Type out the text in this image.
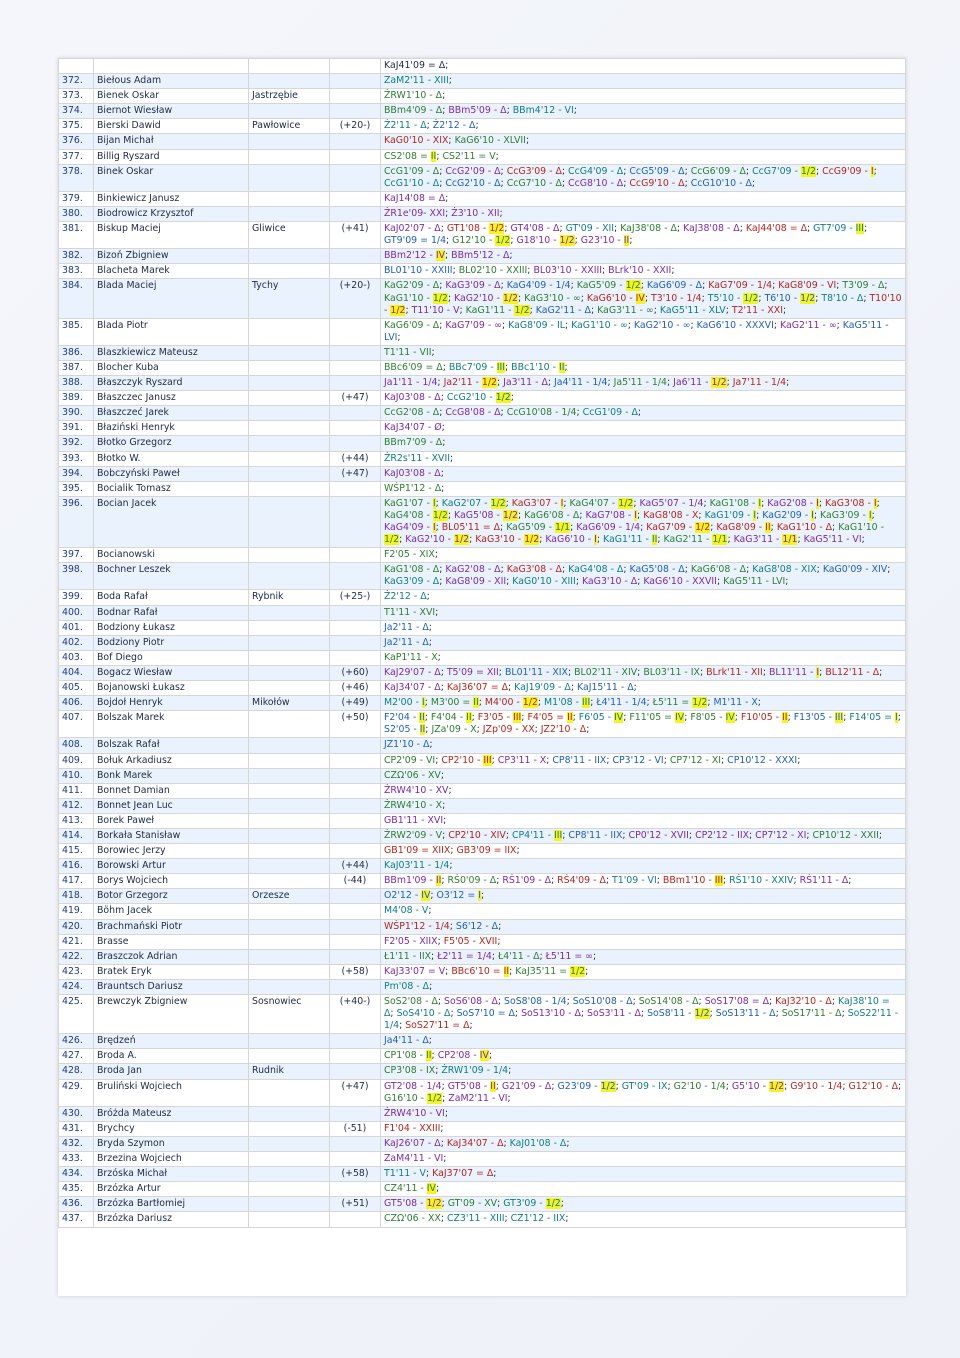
				KaJ41'09 = Δ;
372.	Biełous Adam			ZaM2'11 - XIII;
373.	Bienek Oskar	Jastrzębie		ŻRW1'10 - Δ;
374.	Biernot Wiesław			BBm4'09 - Δ; BBm5'09 - Δ; BBm4'12 - VI;
375.	Bierski Dawid	Pawłowice	(+20-)	Ż2'11 - Δ; Ż2'12 - Δ;
376.	Bijan Michał			KaG0'10 - XIX; KaG6'10 - XLVII;
377.	Billig Ryszard			CS2'08 = II; CS2'11 = V;
378.	Binek Oskar			CcG1'09 - Δ; CcG2'09 - Δ; CcG3'09 - Δ; CcG4'09 - Δ; CcG5'09 - Δ; CcG6'09 - Δ; CcG7'09 - 1/2; CcG9'09 - I; CcG1'10 - Δ; CcG2'10 - Δ; CcG7'10 - Δ; CcG8'10 - Δ; CcG9'10 - Δ; CcG10'10 - Δ;
379.	Binkiewicz Janusz			KaJ14'08 = Δ;
380.	Biodrowicz Krzysztof			ŻR1e'09- XXI; Ż3'10 - XII;
381.	Biskup Maciej	Gliwice	(+41)	KaJ02'07 - Δ; GT1'08 - 1/2; GT4'08 - Δ; GT'09 - XII; KaJ38'08 - Δ; KaJ38'08 - Δ; KaJ44'08 = Δ; GT7'09 - III; GT9'09 = 1/4; G12'10 - 1/2; G18'10 - 1/2; G23'10 - II;
382.	Bizoń Zbigniew			BBm2'12 - IV; BBm5'12 - Δ;
383.	Blacheta Marek			BL01'10 - XXIII; BL02'10 - XXIII; BL03'10 - XXIII; BLrk'10 - XXII;
384.	Blada Maciej	Tychy	(+20-)	KaG2'09 - Δ; KaG3'09 - Δ; KaG4'09 - 1/4; KaG5'09 - 1/2; KaG6'09 - Δ; KaG7'09 - 1/4; KaG8'09 - VI; T3'09 - Δ; KaG1'10 - 1/2; KaG2'10 - 1/2; KaG3'10 - ∞; KaG6'10 - IV; T3'10 - 1/4; T5'10 - 1/2; T6'10 - 1/2; T8'10 - Δ; T10'10 - 1/2; T11'10 - V; KaG1'11 - 1/2; KaG2'11 - Δ; KaG3'11 - ∞; KaG5'11 - XLV; T2'11 - XXI;
385.	Blada Piotr			KaG6'09 - Δ; KaG7'09 - ∞; KaG8'09 - IL; KaG1'10 - ∞; KaG2'10 - ∞; KaG6'10 - XXXVI; KaG2'11 - ∞; KaG5'11 - LVI;
386.	Blaszkiewicz Mateusz			T1'11 - VII;
387.	Blocher Kuba			BBc6'09 = Δ; BBc7'09 - III; BBc1'10 - II;
388.	Błaszczyk Ryszard			Ja1'11 - 1/4; Ja2'11 - 1/2; Ja3'11 - Δ; Ja4'11 - 1/4; Ja5'11 - 1/4; Ja6'11 - 1/2; Ja7'11 - 1/4;
389.	Błaszczec Janusz		(+47)	KaJ03'08 - Δ; CcG2'10 - 1/2;
390.	Błaszczeć Jarek			CcG2'08 - Δ; CcG8'08 - Δ; CcG10'08 - 1/4; CcG1'09 - Δ;
391.	Błaziński Henryk			KaJ34'07 - Ø;
392.	Błotko Grzegorz			BBm7'09 - Δ;
393.	Błotko W.		(+44)	ŻR2s'11 - XVII;
394.	Bobczyński Paweł		(+47)	KaJ03'08 - Δ;
395.	Bocialik Tomasz			WŚP1'12 - Δ;
396.	Bocian Jacek			KaG1'07 - I; KaG2'07 - 1/2; KaG3'07 - I; KaG4'07 - 1/2; KaG5'07 - 1/4; KaG1'08 - I; KaG2'08 - I; KaG3'08 - I; KaG4'08 - 1/2; KaG5'08 - 1/2; KaG6'08 - Δ; KaG7'08 - I; KaG8'08 - X; KaG1'09 - I; KaG2'09 - I; KaG3'09 - I; KaG4'09 - I; BL05'11 = Δ; KaG5'09 - 1/1; KaG6'09 - 1/4; KaG7'09 - 1/2; KaG8'09 - II; KaG1'10 - Δ; KaG1'10 - 1/2; KaG2'10 - 1/2; KaG3'10 - 1/2; KaG6'10 - I; KaG1'11 - II; KaG2'11 - 1/1; KaG3'11 - 1/1; KaG5'11 - VI;
397.	Bocianowski			F2'05 - XIX;
398.	Bochner Leszek			KaG1'08 - Δ; KaG2'08 - Δ; KaG3'08 - Δ; KaG4'08 - Δ; KaG5'08 - Δ; KaG6'08 - Δ; KaG8'08 - XIX; KaG0'09 - XIV; KaG3'09 - Δ; KaG8'09 - XII; KaG0'10 - XIII; KaG3'10 - Δ; KaG6'10 - XXVII; KaG5'11 - LVI;
399.	Boda Rafał	Rybnik	(+25-)	Ż2'12 - Δ;
400.	Bodnar Rafał			T1'11 - XVI;
401.	Bodziony Łukasz			Ja2'11 - Δ;
402.	Bodziony Piotr			Ja2'11 - Δ;
403.	Bof Diego			KaP1'11 - X;
404.	Bogacz Wiesław		(+60)	KaJ29'07 - Δ; T5'09 = XII; BL01'11 - XIX; BL02'11 - XIV; BL03'11 - IX; BLrk'11 - XII; BL11'11 - I; BL12'11 - Δ;
405.	Bojanowski Łukasz		(+46)	KaJ34'07 - Δ; KaJ36'07 = Δ; KaJ19'09 - Δ; KaJ15'11 - Δ;
406.	Bojdoł Henryk	Mikołów	(+49)	M2'00 - I; M3'00 = II; M4'00 - 1/2; M1'08 - III; Ł4'11 - 1/4; Ł5'11 = 1/2; M1'11 - X;
407.	Bolszak Marek		(+50)	F2'04 - II; F4'04 - II; F3'05 - III; F4'05 = II; F6'05 - IV; F11'05 = IV; F8'05 - IV; F10'05 - II; F13'05 - III; F14'05 = I; S2'05 - II; JZa'09 - X; JZp'09 - XX; JZ2'10 - Δ;
408.	Bolszak Rafał			JZ1'10 - Δ;
409.	Bołuk Arkadiusz			CP2'09 - VI; CP2'10 - III; CP3'11 - X; CP8'11 - IIX; CP3'12 - VI; CP7'12 - XI; CP10'12 - XXXI;
410.	Bonk Marek			CZΩ'06 - XV;
411.	Bonnet Damian			ŻRW4'10 - XV;
412.	Bonnet Jean Luc			ŻRW4'10 - X;
413.	Borek Paweł			GB1'11 - XVI;
414.	Borkała Stanisław			ŻRW2'09 - V; CP2'10 - XIV; CP4'11 - III; CP8'11 - IIX; CP0'12 - XVII; CP2'12 - IIX; CP7'12 - XI; CP10'12 - XXII;
415.	Borowiec Jerzy			GB1'09 = XIIX; GB3'09 = IIX;
416.	Borowski Artur		(+44)	KaJ03'11 - 1/4;
417.	Borys Wojciech		(-44)	BBm1'09 - II; RŚ0'09 - Δ; RŚ1'09 - Δ; RŚ4'09 - Δ; T1'09 - VI; BBm1'10 - III; RŚ1'10 - XXIV; RŚ1'11 - Δ;
418.	Botor Grzegorz	Orzesze		O2'12 - IV; O3'12 = I;
419.	Böhm Jacek			M4'08 - V;
420.	Brachmański Piotr			WŚP1'12 - 1/4; S6'12 - Δ;
421.	Brasse			F2'05 - XIIX; F5'05 - XVII;
422.	Braszczok Adrian			Ł1'11 - IIX; Ł2'11 = 1/4; Ł4'11 - Δ; Ł5'11 = ∞;
423.	Bratek Eryk		(+58)	KaJ33'07 = V; BBc6'10 = II; KaJ35'11 = 1/2;
424.	Brauntsch Dariusz			Pm'08 - Δ;
425.	Brewczyk Zbigniew	Sosnowiec	(+40-)	SoS2'08 - Δ; SoS6'08 - Δ; SoS8'08 - 1/4; SoS10'08 - Δ; SoS14'08 - Δ; SoS17'08 = Δ; KaJ32'10 - Δ; KaJ38'10 = Δ; SoS4'10 - Δ; SoS7'10 = Δ; SoS13'10 - Δ; SoS3'11 - Δ; SoS8'11 - 1/2; SoS13'11 - Δ; SoS17'11 - Δ; SoS22'11 - 1/4; SoS27'11 = Δ;
426.	Brędzeń			Ja4'11 - Δ;
427.	Broda A.			CP1'08 - II; CP2'08 - IV;
428.	Broda Jan	Rudnik		CP3'08 - IX; ŻRW1'09 - 1/4;
429.	Bruliński Wojciech		(+47)	GT2'08 - 1/4; GT5'08 - II; G21'09 - Δ; G23'09 - 1/2; GT'09 - IX; G2'10 - 1/4; G5'10 - 1/2; G9'10 - 1/4; G12'10 - Δ; G16'10 - 1/2; ZaM2'11 - VI;
430.	Bróżda Mateusz			ŻRW4'10 - VI;
431.	Brychcy		(-51)	F1'04 - XXIII;
432.	Bryda Szymon			KaJ26'07 - Δ; KaJ34'07 - Δ; KaJ01'08 - Δ;
433.	Brzezina Wojciech			ZaM4'11 - VI;
434.	Brzóska Michał		(+58)	T1'11 - V; KaJ37'07 = Δ;
435.	Brzózka Artur			CZ4'11 - IV;
436.	Brzózka Bartłomiej		(+51)	GT5'08 - 1/2; GT'09 - XV; GT3'09 - 1/2;
437.	Brzózka Dariusz			CZΩ'06 - XX; CZ3'11 - XIII; CZ1'12 - IIX;
